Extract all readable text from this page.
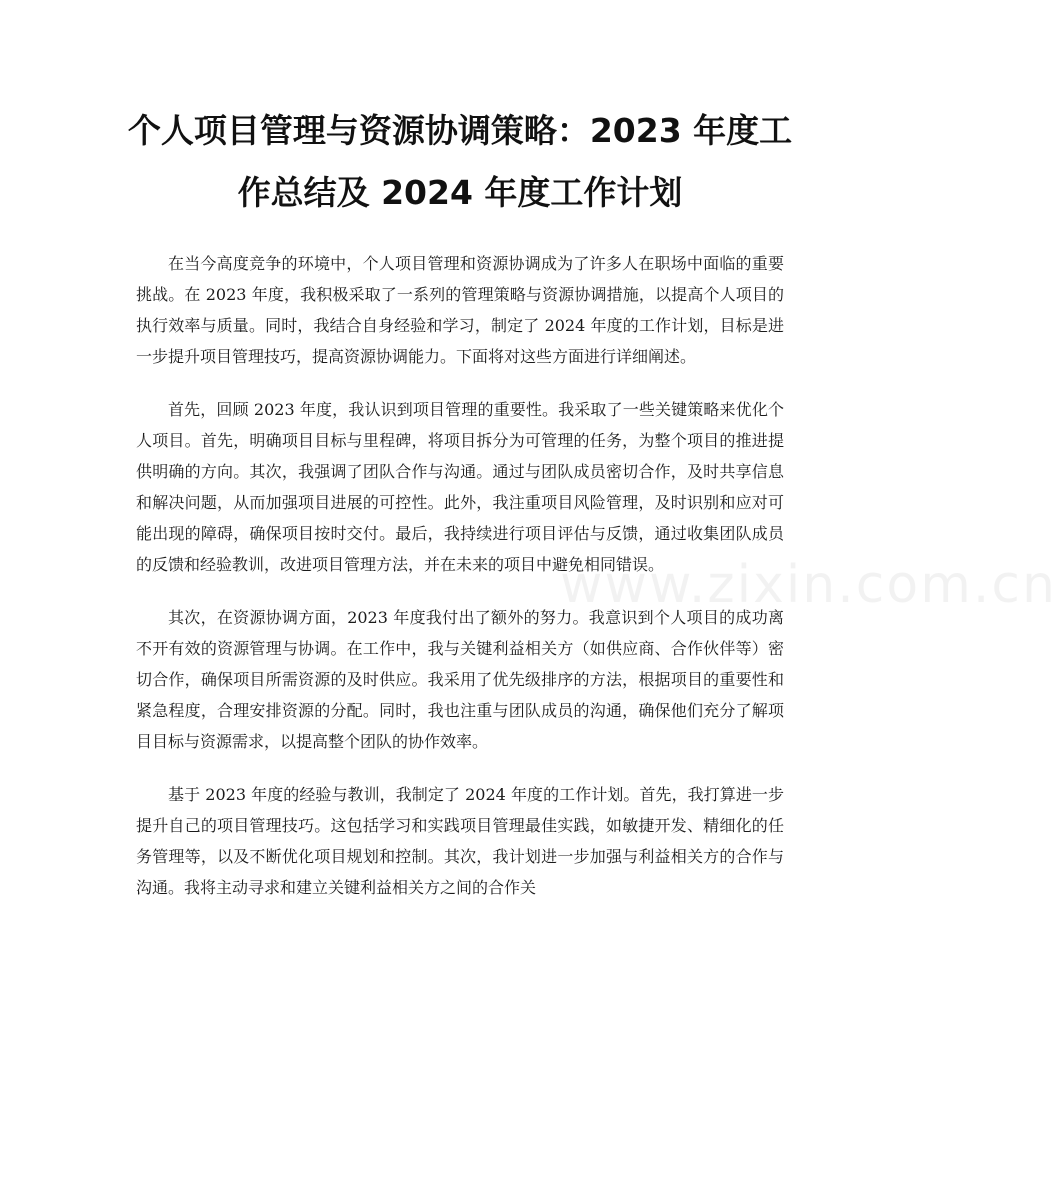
www.zixin.com.cn
个人项目管理与资源协调策略：2023 年度工作总结及 2024 年度工作计划

在当今高度竞争的环境中，个人项目管理和资源协调成为了许多人在职场中面临的重要挑战。在 2023 年度，我积极采取了一系列的管理策略与资源协调措施，以提高个人项目的执行效率与质量。同时，我结合自身经验和学习，制定了 2024 年度的工作计划，目标是进一步提升项目管理技巧，提高资源协调能力。下面将对这些方面进行详细阐述。

首先，回顾 2023 年度，我认识到项目管理的重要性。我采取了一些关键策略来优化个人项目。首先，明确项目目标与里程碑，将项目拆分为可管理的任务，为整个项目的推进提供明确的方向。其次，我强调了团队合作与沟通。通过与团队成员密切合作，及时共享信息和解决问题，从而加强项目进展的可控性。此外，我注重项目风险管理，及时识别和应对可能出现的障碍，确保项目按时交付。最后，我持续进行项目评估与反馈，通过收集团队成员的反馈和经验教训，改进项目管理方法，并在未来的项目中避免相同错误。

其次，在资源协调方面，2023 年度我付出了额外的努力。我意识到个人项目的成功离不开有效的资源管理与协调。在工作中，我与关键利益相关方（如供应商、合作伙伴等）密切合作，确保项目所需资源的及时供应。我采用了优先级排序的方法，根据项目的重要性和紧急程度，合理安排资源的分配。同时，我也注重与团队成员的沟通，确保他们充分了解项目目标与资源需求，以提高整个团队的协作效率。

基于 2023 年度的经验与教训，我制定了 2024 年度的工作计划。首先，我打算进一步提升自己的项目管理技巧。这包括学习和实践项目管理最佳实践，如敏捷开发、精细化的任务管理等，以及不断优化项目规划和控制。其次，我计划进一步加强与利益相关方的合作与沟通。我将主动寻求和建立关键利益相关方之间的合作关
